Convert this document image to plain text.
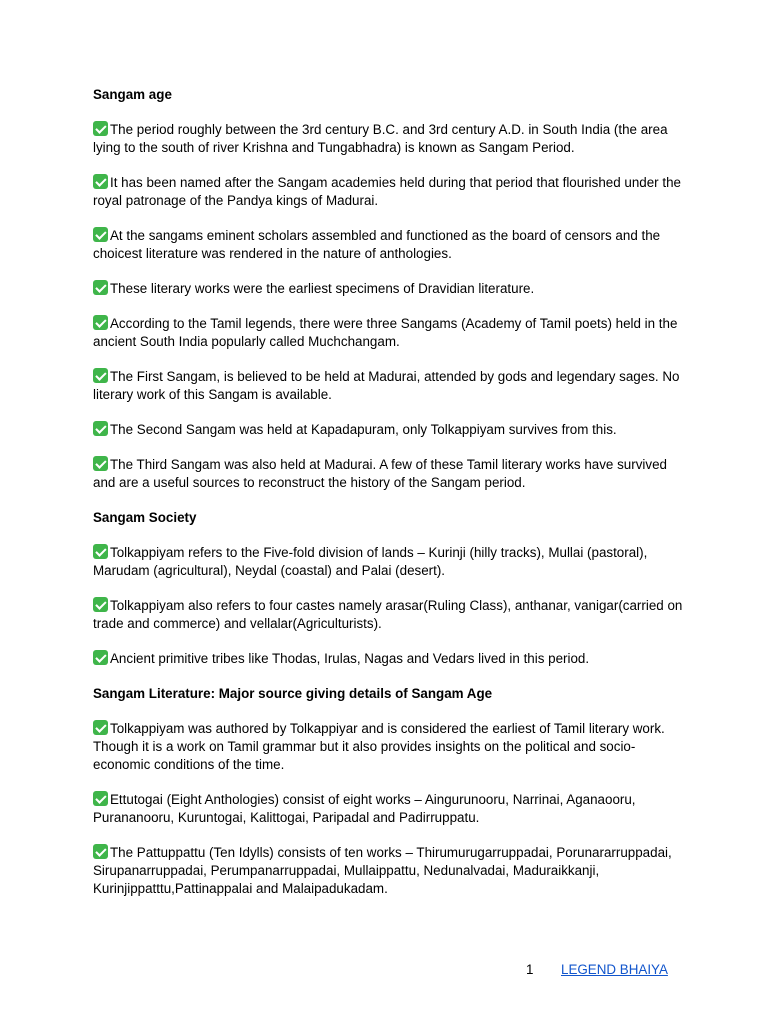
Sangam age

The period roughly between the 3rd century B.C. and 3rd century A.D. in South India (the area lying to the south of river Krishna and Tungabhadra) is known as Sangam Period.

It has been named after the Sangam academies held during that period that flourished under the royal patronage of the Pandya kings of Madurai.

At the sangams eminent scholars assembled and functioned as the board of censors and the choicest literature was rendered in the nature of anthologies.

These literary works were the earliest specimens of Dravidian literature.

According to the Tamil legends, there were three Sangams (Academy of Tamil poets) held in the ancient South India popularly called Muchchangam.

The First Sangam, is believed to be held at Madurai, attended by gods and legendary sages. No literary work of this Sangam is available.

The Second Sangam was held at Kapadapuram, only Tolkappiyam survives from this.

The Third Sangam was also held at Madurai. A few of these Tamil literary works have survived and are a useful sources to reconstruct the history of the Sangam period.

Sangam Society

Tolkappiyam refers to the Five-fold division of lands – Kurinji (hilly tracks), Mullai (pastoral), Marudam (agricultural), Neydal (coastal) and Palai (desert).

Tolkappiyam also refers to four castes namely arasar(Ruling Class), anthanar, vanigar(carried on trade and commerce) and vellalar(Agriculturists).

Ancient primitive tribes like Thodas, Irulas, Nagas and Vedars lived in this period.

Sangam Literature: Major source giving details of Sangam Age

Tolkappiyam was authored by Tolkappiyar and is considered the earliest of Tamil literary work. Though it is a work on Tamil grammar but it also provides insights on the political and socio-economic conditions of the time.

Ettutogai (Eight Anthologies) consist of eight works – Aingurunooru, Narrinai, Aganaooru, Purananooru, Kuruntogai, Kalittogai, Paripadal and Padirruppatu.

The Pattuppattu (Ten Idylls) consists of ten works – Thirumurugarruppadai, Porunararruppadai, Sirupanarruppadai, Perumpanarruppadai, Mullaippattu, Nedunalvadai, Maduraikkanji, Kurinjippatttu,Pattinappalai and Malaipadukadam.

1 LEGEND BHAIYA
